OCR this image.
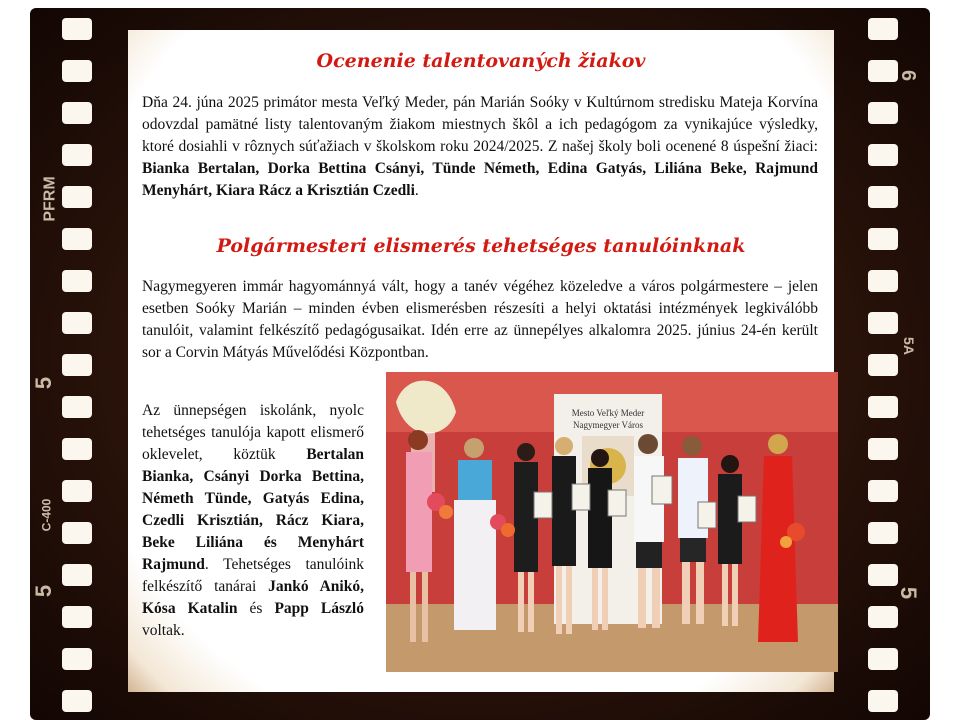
PFRM
5
C-400
5
6
5A
5
Ocenenie talentovaných žiakov
Dňa 24. júna 2025 primátor mesta Veľký Meder, pán Marián Soóky v Kultúrnom stredisku Mateja Korvína odovzdal pamätné listy talentovaným žiakom miestnych škôl a ich pedagógom za vynikajúce výsledky, ktoré dosiahli v rôznych súťažiach v školskom roku 2024/2025. Z našej školy boli ocenené 8 úspešní žiaci: Bianka Bertalan, Dorka Bettina Csányi, Tünde Németh, Edina Gatyás, Liliána Beke, Rajmund Menyhárt, Kiara Rácz a Krisztián Czedli.
Polgármesteri elismerés tehetséges tanulóinknak
Nagymegyeren immár hagyománnyá vált, hogy a tanév végéhez közeledve a város polgármestere – jelen esetben Soóky Marián – minden évben elismerésben részesíti a helyi oktatási intézmények legkiválóbb tanulóit, valamint felkészítő pedagógusaikat. Idén erre az ünnepélyes alkalomra 2025. június 24-én került sor a Corvin Mátyás Művelődési Központban.
Az ünnepségen iskolánk, nyolc tehetséges tanulója kapott elismerő oklevelet, köztük Bertalan Bianka, Csányi Dorka Bettina, Németh Tünde, Gatyás Edina, Czedli Krisztián, Rácz Kiara, Beke Liliána és Menyhárt Rajmund. Tehetséges tanulóink felkészítő tanárai Jankó Anikó, Kósa Katalin és Papp László voltak.
Mesto Veľký Meder
Nagymegyer Város
